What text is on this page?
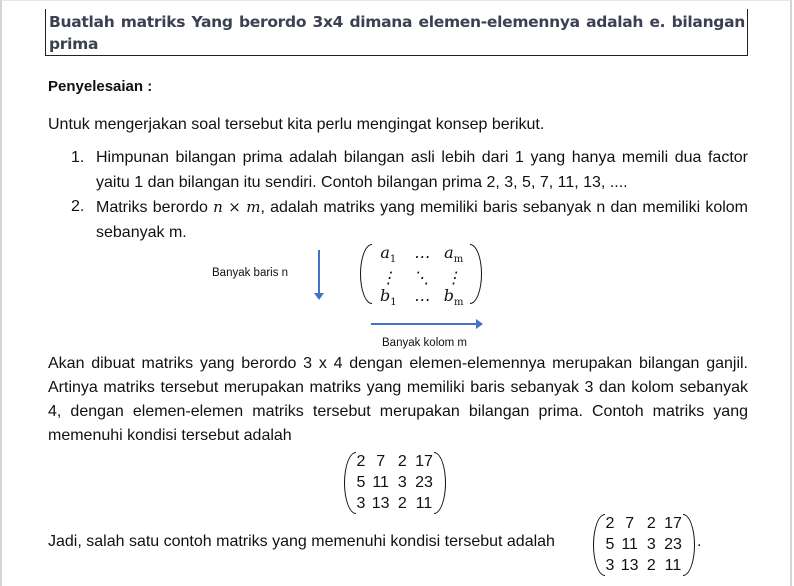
Buatlah matriks Yang berordo 3x4 dimana elemen-elemennya adalah e. bilangan prima
Penyelesaian :
Untuk mengerjakan soal tersebut kita perlu mengingat konsep berikut.
1. Himpunan bilangan prima adalah bilangan asli lebih dari 1 yang hanya memili dua factor yaitu 1 dan bilangan itu sendiri. Contoh bilangan prima 2, 3, 5, 7, 11, 13, ....
2. Matriks berordo n × m, adalah matriks yang memiliki baris sebanyak n dan memiliki kolom sebanyak m.
Banyak baris n
$a_1$	⋯ $a_m$
⋮	⋱	⋮
$b_1$	⋯ $b_m$
Banyak kolom m
Akan dibuat matriks yang berordo 3 x 4 dengan elemen-elemennya merupakan bilangan ganjil. Artinya matriks tersebut merupakan matriks yang memiliki baris sebanyak 3 dan kolom sebanyak 4, dengan elemen-elemen matriks tersebut merupakan bilangan prima. Contoh matriks yang memenuhi kondisi tersebut adalah
2 7 2 17
5 11 3 23
3 13 2 11
Jadi, salah satu contoh matriks yang memenuhi kondisi tersebut adalah
2 7 2 17
5 11 3 23
3 13 2 11
.
